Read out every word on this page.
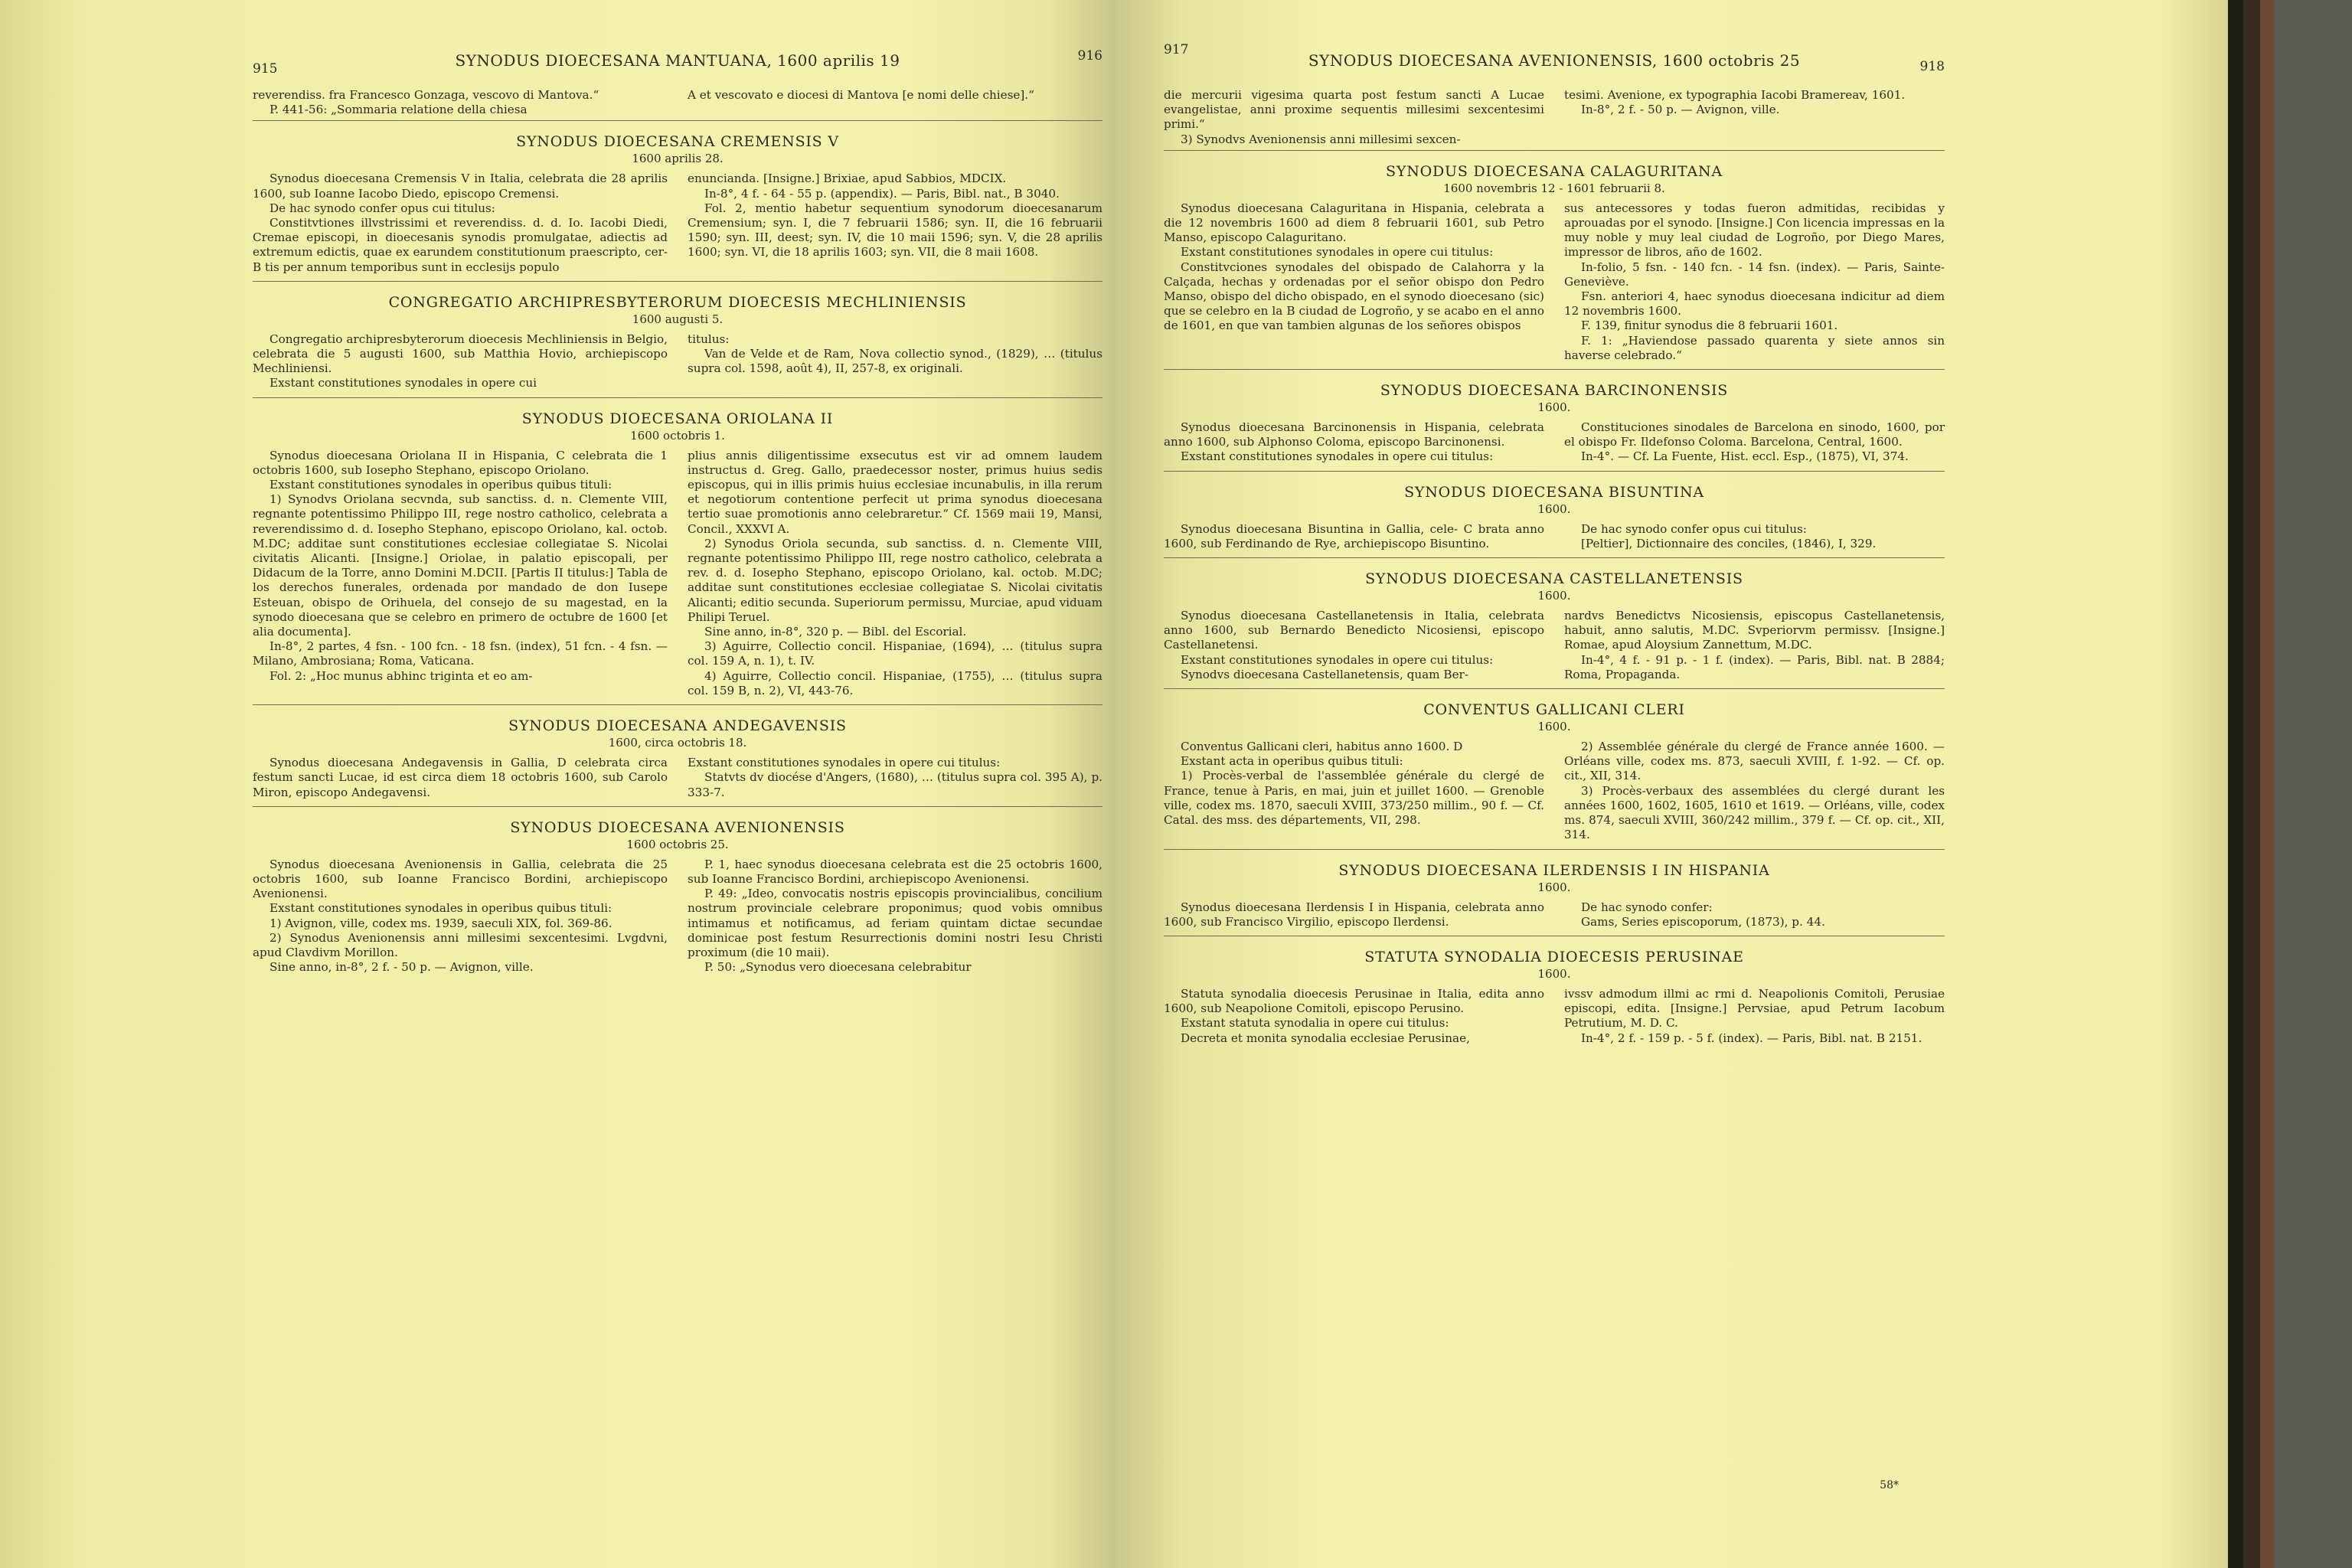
915	SYNODUS DIOECESANA MANTUANA, 1600 aprilis 19	916

reverendiss. fra Francesco Gonzaga, vescovo di Mantova.“

P. 441-56: „Sommaria relatione della chiesa

A et vescovato e diocesi di Mantova [e nomi delle chiese].“

SYNODUS DIOECESANA CREMENSIS V
1600 aprilis 28.

Synodus dioecesana Cremensis V in Italia, celebrata die 28 aprilis 1600, sub Ioanne Iacobo Diedo, episcopo Cremensi.

De hac synodo confer opus cui titulus:

Constitvtiones illvstrissimi et reverendiss. d. d. Io. Iacobi Diedi, Cremae episcopi, in dioecesanis synodis promulgatae, adiectis ad extremum edictis, quae ex earundem constitutionum praescripto, cer- B tis per annum temporibus sunt in ecclesijs populo

enuncianda. [Insigne.] Brixiae, apud Sabbios, MDCIX.

In-8°, 4 f. - 64 - 55 p. (appendix). — Paris, Bibl. nat., B 3040.

Fol. 2, mentio habetur sequentium synodorum dioecesanarum Cremensium; syn. I, die 7 februarii 1586; syn. II, die 16 februarii 1590; syn. III, deest; syn. IV, die 10 maii 1596; syn. V, die 28 aprilis 1600; syn. VI, die 18 aprilis 1603; syn. VII, die 8 maii 1608.

CONGREGATIO ARCHIPRESBYTERORUM DIOECESIS MECHLINIENSIS
1600 augusti 5.

Congregatio archipresbyterorum dioecesis Mechliniensis in Belgio, celebrata die 5 augusti 1600, sub Matthia Hovio, archiepiscopo Mechliniensi.

Exstant constitutiones synodales in opere cui

titulus:

Van de Velde et de Ram, Nova collectio synod., (1829), … (titulus supra col. 1598, août 4), II, 257-8, ex originali.

SYNODUS DIOECESANA ORIOLANA II
1600 octobris 1.

Synodus dioecesana Oriolana II in Hispania, C celebrata die 1 octobris 1600, sub Iosepho Stephano, episcopo Oriolano.

Exstant constitutiones synodales in operibus quibus tituli:

1) Synodvs Oriolana secvnda, sub sanctiss. d. n. Clemente VIII, regnante potentissimo Philippo III, rege nostro catholico, celebrata a reverendissimo d. d. Iosepho Stephano, episcopo Oriolano, kal. octob. M.DC; additae sunt constitutiones ecclesiae collegiatae S. Nicolai civitatis Alicanti. [Insigne.] Oriolae, in palatio episcopali, per Didacum de la Torre, anno Domini M.DCII. [Partis II titulus:] Tabla de los derechos funerales, ordenada por mandado de don Iusepe Esteuan, obispo de Orihuela, del consejo de su magestad, en la synodo dioecesana que se celebro en primero de octubre de 1600 [et alia documenta].

In-8°, 2 partes, 4 fsn. - 100 fcn. - 18 fsn. (index), 51 fcn. - 4 fsn. — Milano, Ambrosiana; Roma, Vaticana.

Fol. 2: „Hoc munus abhinc triginta et eo am-

plius annis diligentissime exsecutus est vir ad omnem laudem instructus d. Greg. Gallo, praedecessor noster, primus huius sedis episcopus, qui in illis primis huius ecclesiae incunabulis, in illa rerum et negotiorum contentione perfecit ut prima synodus dioecesana tertio suae promotionis anno celebraretur.“ Cf. 1569 maii 19, Mansi, Concil., XXXVI A.

2) Synodus Oriola secunda, sub sanctiss. d. n. Clemente VIII, regnante potentissimo Philippo III, rege nostro catholico, celebrata a rev. d. d. Iosepho Stephano, episcopo Oriolano, kal. octob. M.DC; additae sunt constitutiones ecclesiae collegiatae S. Nicolai civitatis Alicanti; editio secunda. Superiorum permissu, Murciae, apud viduam Philipi Teruel.

Sine anno, in-8°, 320 p. — Bibl. del Escorial.

3) Aguirre, Collectio concil. Hispaniae, (1694), … (titulus supra col. 159 A, n. 1), t. IV.

4) Aguirre, Collectio concil. Hispaniae, (1755), … (titulus supra col. 159 B, n. 2), VI, 443-76.

SYNODUS DIOECESANA ANDEGAVENSIS
1600, circa octobris 18.

Synodus dioecesana Andegavensis in Gallia, D celebrata circa festum sancti Lucae, id est circa diem 18 octobris 1600, sub Carolo Miron, episcopo Andegavensi.

Exstant constitutiones synodales in opere cui titulus:

Statvts dv diocése d'Angers, (1680), … (titulus supra col. 395 A), p. 333-7.

SYNODUS DIOECESANA AVENIONENSIS
1600 octobris 25.

Synodus dioecesana Avenionensis in Gallia, celebrata die 25 octobris 1600, sub Ioanne Francisco Bordini, archiepiscopo Avenionensi.

Exstant constitutiones synodales in operibus quibus tituli:

1) Avignon, ville, codex ms. 1939, saeculi XIX, fol. 369-86.

2) Synodus Avenionensis anni millesimi sexcentesimi. Lvgdvni, apud Clavdivm Morillon.

Sine anno, in-8°, 2 f. - 50 p. — Avignon, ville.

P. 1, haec synodus dioecesana celebrata est die 25 octobris 1600, sub Ioanne Francisco Bordini, archiepiscopo Avenionensi.

P. 49: „Ideo, convocatis nostris episcopis provincialibus, concilium nostrum provinciale celebrare proponimus; quod vobis omnibus intimamus et notificamus, ad feriam quintam dictae secundae dominicae post festum Resurrectionis domini nostri Iesu Christi proximum (die 10 maii).

P. 50: „Synodus vero dioecesana celebrabitur

917
SYNODUS DIOECESANA AVENIONENSIS, 1600 octobris 25	918

die mercurii vigesima quarta post festum sancti A Lucae evangelistae, anni proxime sequentis millesimi sexcentesimi primi.“

3) Synodvs Avenionensis anni millesimi sexcen-

tesimi. Avenione, ex typographia Iacobi Bramereav, 1601.

In-8°, 2 f. - 50 p. — Avignon, ville.

SYNODUS DIOECESANA CALAGURITANA
1600 novembris 12 - 1601 februarii 8.

Synodus dioecesana Calaguritana in Hispania, celebrata a die 12 novembris 1600 ad diem 8 februarii 1601, sub Petro Manso, episcopo Calaguritano.

Exstant constitutiones synodales in opere cui titulus:

Constitvciones synodales del obispado de Calahorra y la Calçada, hechas y ordenadas por el señor obispo don Pedro Manso, obispo del dicho obispado, en el synodo dioecesano (sic) que se celebro en la B ciudad de Logroño, y se acabo en el anno de 1601, en que van tambien algunas de los señores obispos

sus antecessores y todas fueron admitidas, recibidas y aprouadas por el synodo. [Insigne.] Con licencia impressas en la muy noble y muy leal ciudad de Logroño, por Diego Mares, impressor de libros, año de 1602.

In-folio, 5 fsn. - 140 fcn. - 14 fsn. (index). — Paris, Sainte-Geneviève.

Fsn. anteriori 4, haec synodus dioecesana indicitur ad diem 12 novembris 1600.

F. 139, finitur synodus die 8 februarii 1601.

F. 1: „Haviendose passado quarenta y siete annos sin haverse celebrado.“

SYNODUS DIOECESANA BARCINONENSIS
1600.

Synodus dioecesana Barcinonensis in Hispania, celebrata anno 1600, sub Alphonso Coloma, episcopo Barcinonensi.

Exstant constitutiones synodales in opere cui titulus:

Constituciones sinodales de Barcelona en sinodo, 1600, por el obispo Fr. Ildefonso Coloma. Barcelona, Central, 1600.

In-4°. — Cf. La Fuente, Hist. eccl. Esp., (1875), VI, 374.

SYNODUS DIOECESANA BISUNTINA
1600.

Synodus dioecesana Bisuntina in Gallia, cele- C brata anno 1600, sub Ferdinando de Rye, archiepiscopo Bisuntino.

De hac synodo confer opus cui titulus:

[Peltier], Dictionnaire des conciles, (1846), I, 329.

SYNODUS DIOECESANA CASTELLANETENSIS
1600.

Synodus dioecesana Castellanetensis in Italia, celebrata anno 1600, sub Bernardo Benedicto Nicosiensi, episcopo Castellanetensi.

Exstant constitutiones synodales in opere cui titulus:

Synodvs dioecesana Castellanetensis, quam Ber-

nardvs Benedictvs Nicosiensis, episcopus Castellanetensis, habuit, anno salutis, M.DC. Svperiorvm permissv. [Insigne.] Romae, apud Aloysium Zannettum, M.DC.

In-4°, 4 f. - 91 p. - 1 f. (index). — Paris, Bibl. nat. B 2884; Roma, Propaganda.

CONVENTUS GALLICANI CLERI
1600.

Conventus Gallicani cleri, habitus anno 1600. D

Exstant acta in operibus quibus tituli:

1) Procès-verbal de l'assemblée générale du clergé de France, tenue à Paris, en mai, juin et juillet 1600. — Grenoble ville, codex ms. 1870, saeculi XVIII, 373/250 millim., 90 f. — Cf. Catal. des mss. des départements, VII, 298.

2) Assemblée générale du clergé de France année 1600. — Orléans ville, codex ms. 873, saeculi XVIII, f. 1-92. — Cf. op. cit., XII, 314.

3) Procès-verbaux des assemblées du clergé durant les années 1600, 1602, 1605, 1610 et 1619. — Orléans, ville, codex ms. 874, saeculi XVIII, 360/242 millim., 379 f. — Cf. op. cit., XII, 314.

SYNODUS DIOECESANA ILERDENSIS I IN HISPANIA
1600.

Synodus dioecesana Ilerdensis I in Hispania, celebrata anno 1600, sub Francisco Virgilio, episcopo Ilerdensi.

De hac synodo confer:

Gams, Series episcoporum, (1873), p. 44.

STATUTA SYNODALIA DIOECESIS PERUSINAE
1600.

Statuta synodalia dioecesis Perusinae in Italia, edita anno 1600, sub Neapolione Comitoli, episcopo Perusino.

Exstant statuta synodalia in opere cui titulus:

Decreta et monita synodalia ecclesiae Perusinae,

ivssv admodum illmi ac rmi d. Neapolionis Comitoli, Perusiae episcopi, edita. [Insigne.] Pervsiae, apud Petrum Iacobum Petrutium, M. D. C.

In-4°, 2 f. - 159 p. - 5 f. (index). — Paris, Bibl. nat. B 2151.

58*
